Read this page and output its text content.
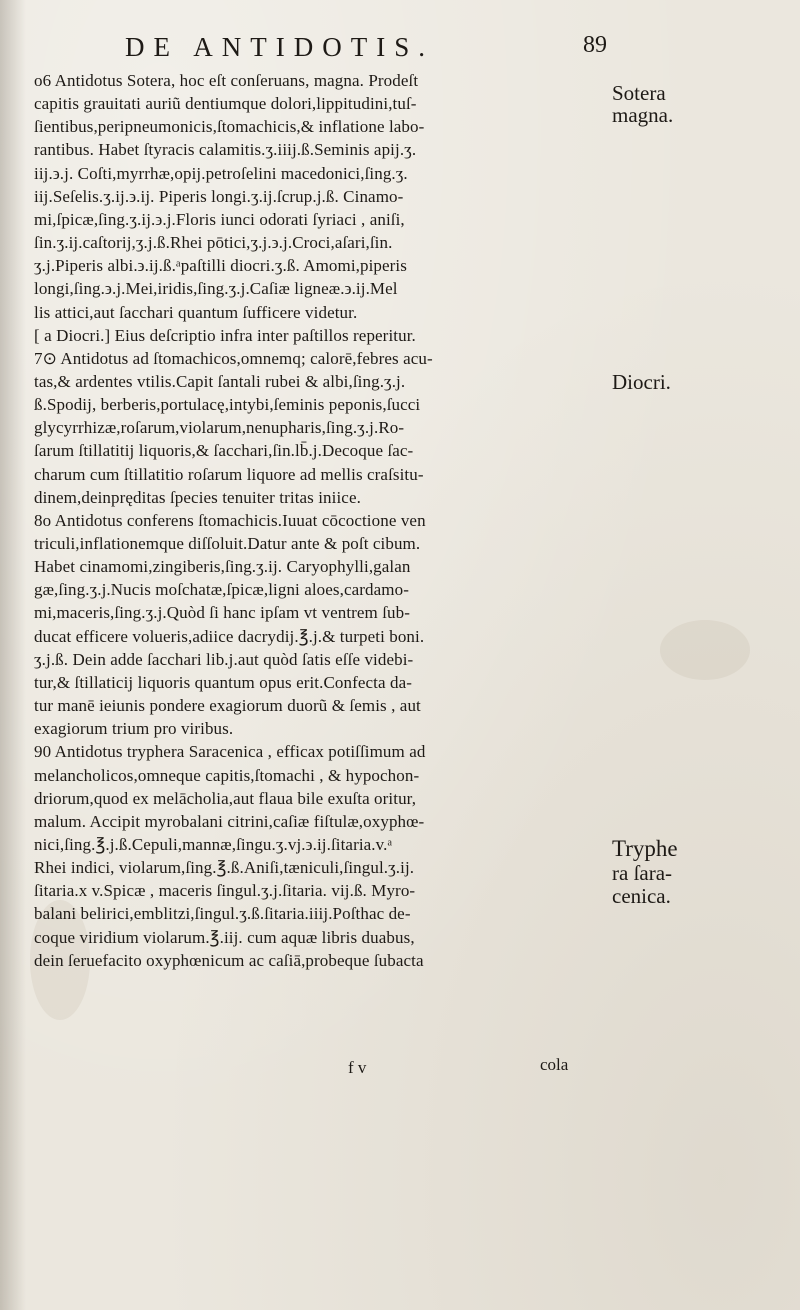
DE ANTIDOTIS.	89
o6 Antidotus Sotera, hoc eſt conſeruans, magna. Prodeſt
capitis grauitati auriũ dentiumque dolori,lippitudini,tuſ-
ſientibus,peripneumonicis,ſtomachicis,& inflatione labo-
rantibus. Habet ſtyracis calamitis.ʒ.iiij.ß.Seminis apij.ʒ.
iij.϶.j. Coſti,myrrhæ,opij.petroſelini macedonici,ſing.ʒ.
iij.Seſelis.ʒ.ij.϶.ij. Piperis longi.ʒ.ij.ſcrup.j.ß. Cinamo-
mi,ſpicæ,ſing.ʒ.ij.϶.j.Floris iunci odorati ſyriaci , aniſi,
ſin.ʒ.ij.caſtorij,ʒ.j.ß.Rhei pōtici,ʒ.j.϶.j.Croci,aſari,ſin.
ʒ.j.Piperis albi.϶.ij.ß.ᵃpaſtilli diocri.ʒ.ß. Amomi,piperis
longi,ſing.϶.j.Mei,iridis,ſing.ʒ.j.Caſiæ ligneæ.϶.ij.Mel
lis attici,aut ſacchari quantum ſufficere videtur.
[ a Diocri.] Eius deſcriptio infra inter paſtillos reperitur.
7⊙ Antidotus ad ſtomachicos,omnemq; calorē,febres acu-
tas,& ardentes vtilis.Capit ſantali rubei & albi,ſing.ʒ.j.
ß.Spodij, berberis,portulacę,intybi,ſeminis peponis,ſucci
glycyrrhizæ,roſarum,violarum,nenupharis,ſing.ʒ.j.Ro-
ſarum ſtillatitij liquoris,& ſacchari,ſin.lb̄.j.Decoque ſac-
charum cum ſtillatitio roſarum liquore ad mellis craſsitu-
dinem,deinpręditas ſpecies tenuiter tritas iniice.
8o Antidotus conferens ſtomachicis.Iuuat cōcoctione ven
triculi,inflationemque diſſoluit.Datur ante & poſt cibum.
Habet cinamomi,zingiberis,ſing.ʒ.ij. Caryophylli,galan
gæ,ſing.ʒ.j.Nucis moſchatæ,ſpicæ,ligni aloes,cardamo-
mi,maceris,ſing.ʒ.j.Quòd ſi hanc ipſam vt ventrem ſub-
ducat efficere volueris,adiice dacrydij.℥.j.& turpeti boni.
ʒ.j.ß. Dein adde ſacchari lib.j.aut quòd ſatis eſſe videbi-
tur,& ſtillaticij liquoris quantum opus erit.Confecta da-
tur manē ieiunis pondere exagiorum duorũ & ſemis , aut
exagiorum trium pro viribus.
90 Antidotus tryphera Saracenica , efficax potiſſimum ad
melancholicos,omneque capitis,ſtomachi , & hypochon-
driorum,quod ex melācholia,aut flaua bile exuſta oritur,
malum. Accipit myrobalani citrini,caſiæ fiſtulæ,oxyphœ-
nici,ſing.℥.j.ß.Cepuli,mannæ,ſingu.ʒ.vj.϶.ij.ſitaria.v.ᵃ
Rhei indici, violarum,ſing.℥.ß.Aniſi,tæniculi,ſingul.ʒ.ij.
ſitaria.x v.Spicæ , maceris ſingul.ʒ.j.ſitaria. vij.ß. Myro-
balani belirici,emblitzi,ſingul.ʒ.ß.ſitaria.iiij.Poſthac de-
coque viridium violarum.℥.iij. cum aquæ libris duabus,
dein ſeruefacito oxyphœnicum ac caſiā,probeque ſubacta
Sotera
magna.
Diocri.
Tryphe
ra ſara-
cenica.
f v	cola
